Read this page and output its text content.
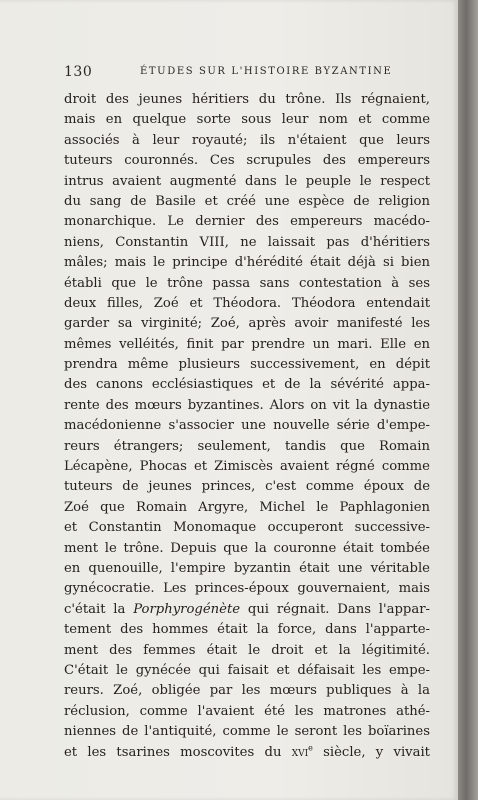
130	ÉTUDES SUR L'HISTOIRE BYZANTINE
droit des jeunes héritiers du trône. Ils régnaient,
mais en quelque sorte sous leur nom et comme
associés à leur royauté; ils n'étaient que leurs
tuteurs couronnés. Ces scrupules des empereurs
intrus avaient augmenté dans le peuple le respect
du sang de Basile et créé une espèce de religion
monarchique. Le dernier des empereurs macédo-
niens, Constantin VIII, ne laissait pas d'héritiers
mâles; mais le principe d'hérédité était déjà si bien
établi que le trône passa sans contestation à ses
deux filles, Zoé et Théodora. Théodora entendait
garder sa virginité; Zoé, après avoir manifesté les
mêmes velléités, finit par prendre un mari. Elle en
prendra même plusieurs successivement, en dépit
des canons ecclésiastiques et de la sévérité appa-
rente des mœurs byzantines. Alors on vit la dynastie
macédonienne s'associer une nouvelle série d'empe-
reurs étrangers; seulement, tandis que Romain
Lécapène, Phocas et Zimiscès avaient régné comme
tuteurs de jeunes princes, c'est comme époux de
Zoé que Romain Argyre, Michel le Paphlagonien
et Constantin Monomaque occuperont successive-
ment le trône. Depuis que la couronne était tombée
en quenouille, l'empire byzantin était une véritable
gynécocratie. Les princes-époux gouvernaient, mais
c'était la Porphyrogénète qui régnait. Dans l'appar-
tement des hommes était la force, dans l'apparte-
ment des femmes était le droit et la légitimité.
C'était le gynécée qui faisait et défaisait les empe-
reurs. Zoé, obligée par les mœurs publiques à la
réclusion, comme l'avaient été les matrones athé-
niennes de l'antiquité, comme le seront les boïarines
et les tsarines moscovites du xvi$^e$ siècle, y vivait
